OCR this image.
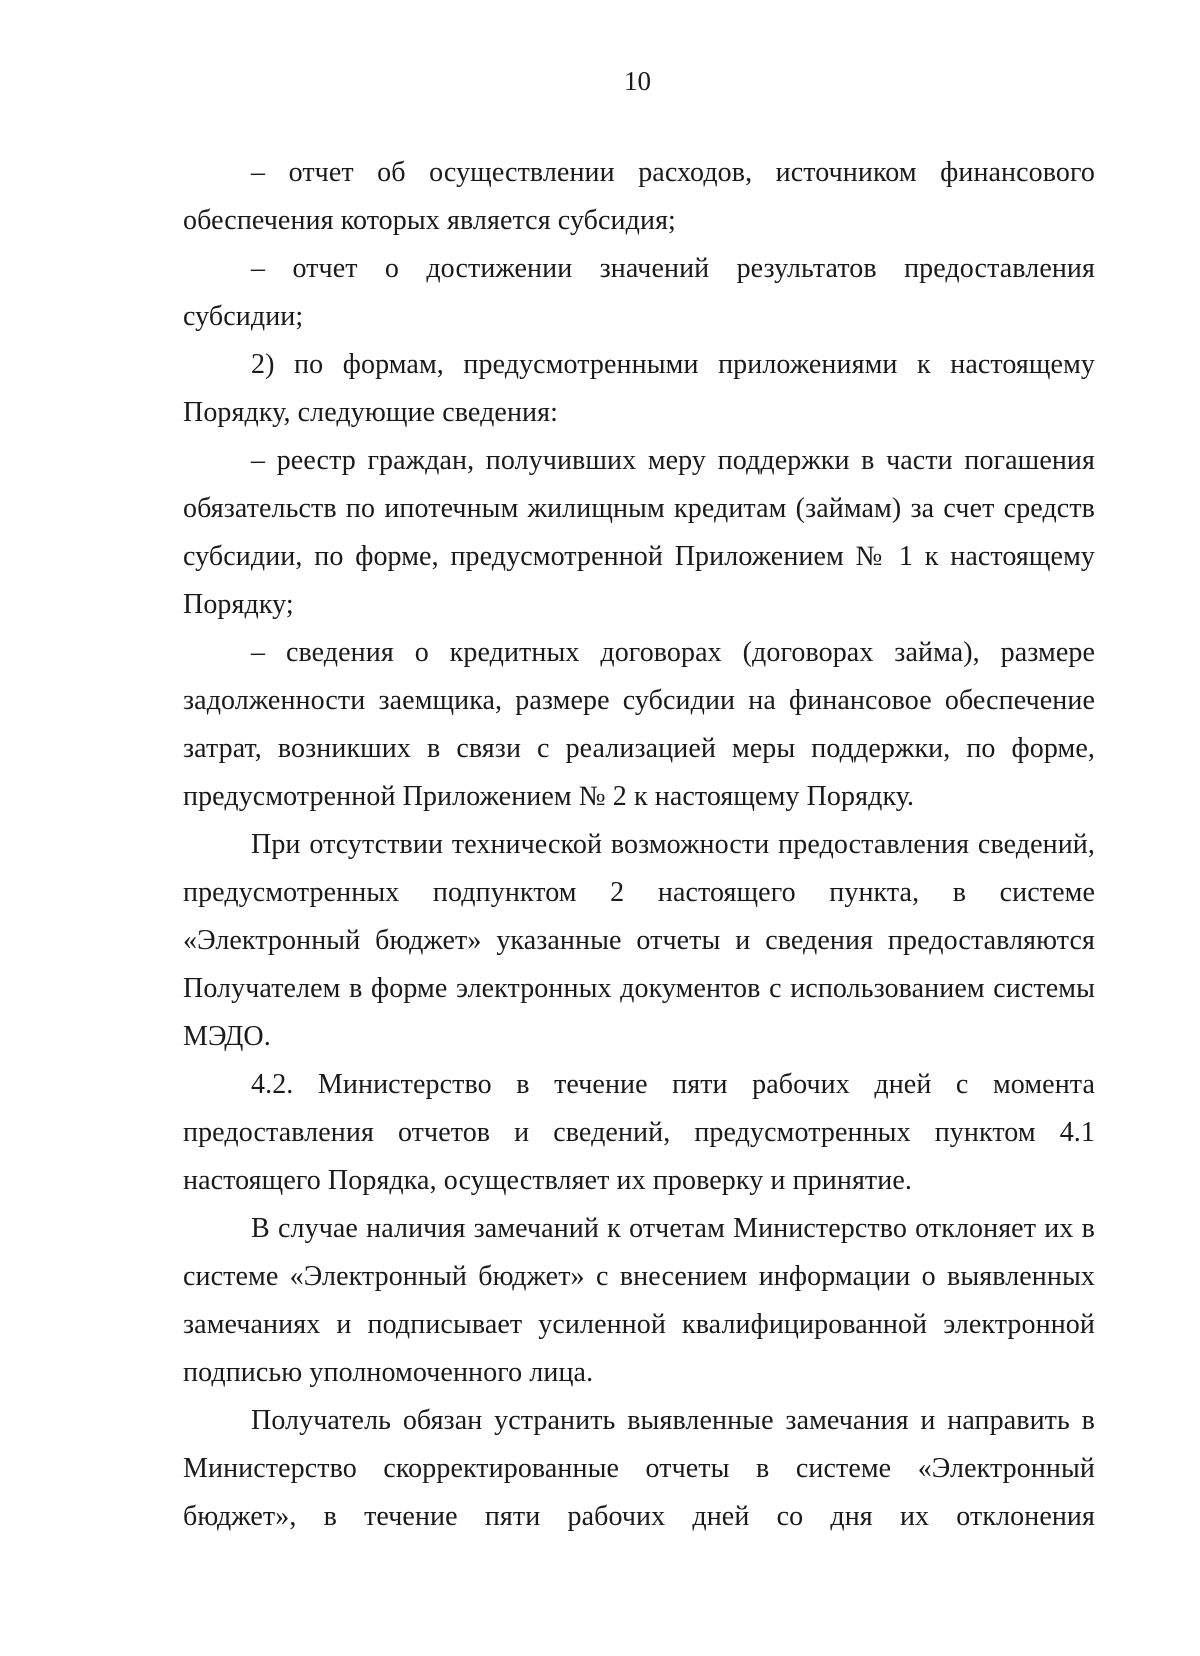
10

– отчет об осуществлении расходов, источником финансового обеспечения которых является субсидия;

– отчет о достижении значений результатов предоставления субсидии;

2) по формам, предусмотренными приложениями к настоящему Порядку, следующие сведения:

– реестр граждан, получивших меру поддержки в части погашения обязательств по ипотечным жилищным кредитам (займам) за счет средств субсидии, по форме, предусмотренной Приложением № 1 к настоящему Порядку;

– сведения о кредитных договорах (договорах займа), размере задолженности заемщика, размере субсидии на финансовое обеспечение затрат, возникших в связи с реализацией меры поддержки, по форме, предусмотренной Приложением № 2 к настоящему Порядку.

При отсутствии технической возможности предоставления сведений, предусмотренных подпунктом 2 настоящего пункта, в системе «Электронный бюджет» указанные отчеты и сведения предоставляются Получателем в форме электронных документов с использованием системы МЭДО.

4.2. Министерство в течение пяти рабочих дней с момента предоставления отчетов и сведений, предусмотренных пунктом 4.1 настоящего Порядка, осуществляет их проверку и принятие.

В случае наличия замечаний к отчетам Министерство отклоняет их в системе «Электронный бюджет» с внесением информации о выявленных замечаниях и подписывает усиленной квалифицированной электронной подписью уполномоченного лица.

Получатель обязан устранить выявленные замечания и направить в Министерство скорректированные отчеты в системе «Электронный бюджет», в течение пяти рабочих дней со дня их отклонения
